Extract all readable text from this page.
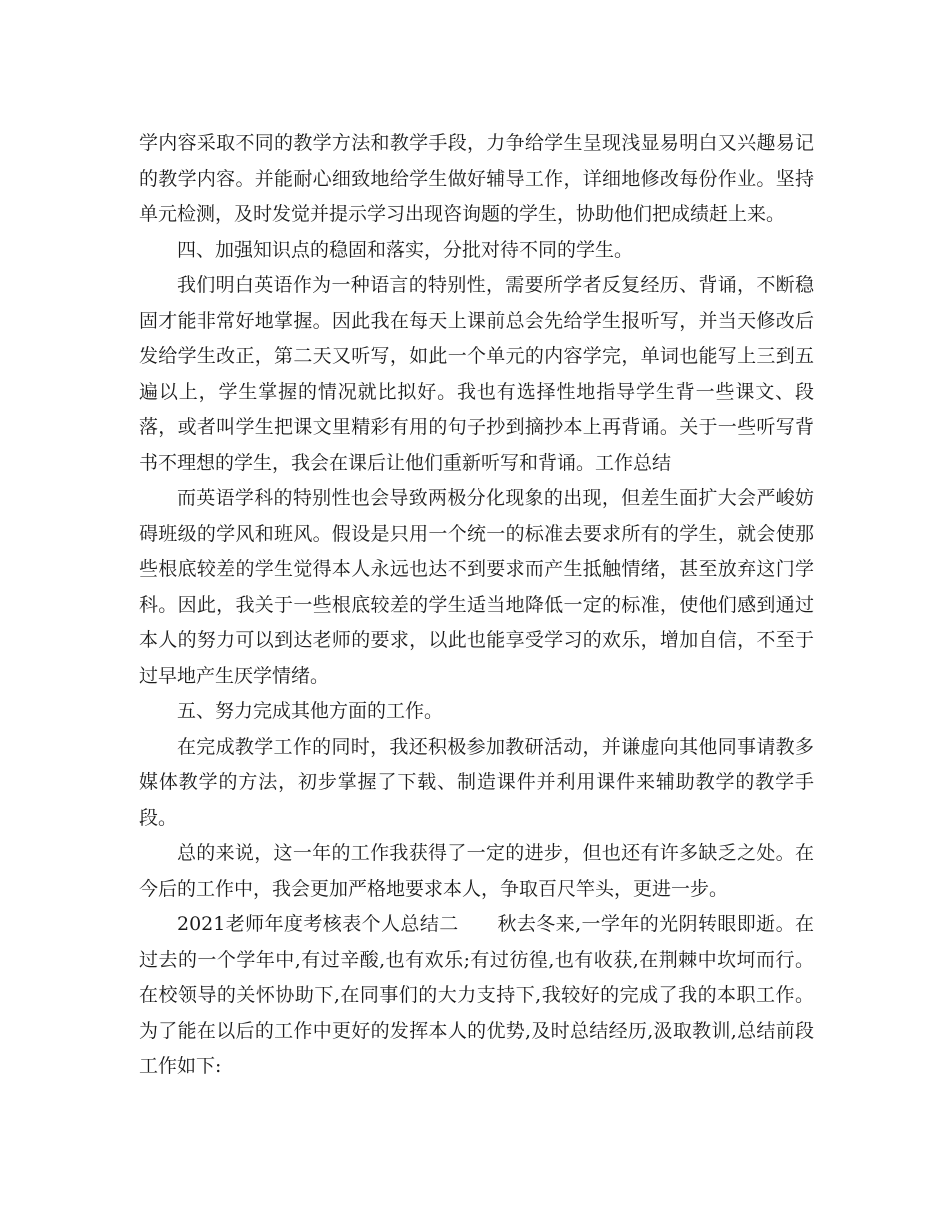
学内容采取不同的教学方法和教学手段，力争给学生呈现浅显易明白又兴趣易记的教学内容。并能耐心细致地给学生做好辅导工作，详细地修改每份作业。坚持单元检测，及时发觉并提示学习出现咨询题的学生，协助他们把成绩赶上来。

四、加强知识点的稳固和落实，分批对待不同的学生。

我们明白英语作为一种语言的特别性，需要所学者反复经历、背诵，不断稳固才能非常好地掌握。因此我在每天上课前总会先给学生报听写，并当天修改后发给学生改正，第二天又听写，如此一个单元的内容学完，单词也能写上三到五遍以上，学生掌握的情况就比拟好。我也有选择性地指导学生背一些课文、段落，或者叫学生把课文里精彩有用的句子抄到摘抄本上再背诵。关于一些听写背书不理想的学生，我会在课后让他们重新听写和背诵。工作总结

而英语学科的特别性也会导致两极分化现象的出现，但差生面扩大会严峻妨碍班级的学风和班风。假设是只用一个统一的标准去要求所有的学生，就会使那些根底较差的学生觉得本人永远也达不到要求而产生抵触情绪，甚至放弃这门学科。因此，我关于一些根底较差的学生适当地降低一定的标准，使他们感到通过本人的努力可以到达老师的要求，以此也能享受学习的欢乐，增加自信，不至于过早地产生厌学情绪。

五、努力完成其他方面的工作。

在完成教学工作的同时，我还积极参加教研活动，并谦虚向其他同事请教多媒体教学的方法，初步掌握了下载、制造课件并利用课件来辅助教学的教学手段。

总的来说，这一年的工作我获得了一定的进步，但也还有许多缺乏之处。在今后的工作中，我会更加严格地要求本人，争取百尺竿头，更进一步。

2021老师年度考核表个人总结二　　秋去冬来,一学年的光阴转眼即逝。在过去的一个学年中,有过辛酸,也有欢乐;有过彷徨,也有收获,在荆棘中坎坷而行。在校领导的关怀协助下,在同事们的大力支持下,我较好的完成了我的本职工作。为了能在以后的工作中更好的发挥本人的优势,及时总结经历,汲取教训,总结前段工作如下:
